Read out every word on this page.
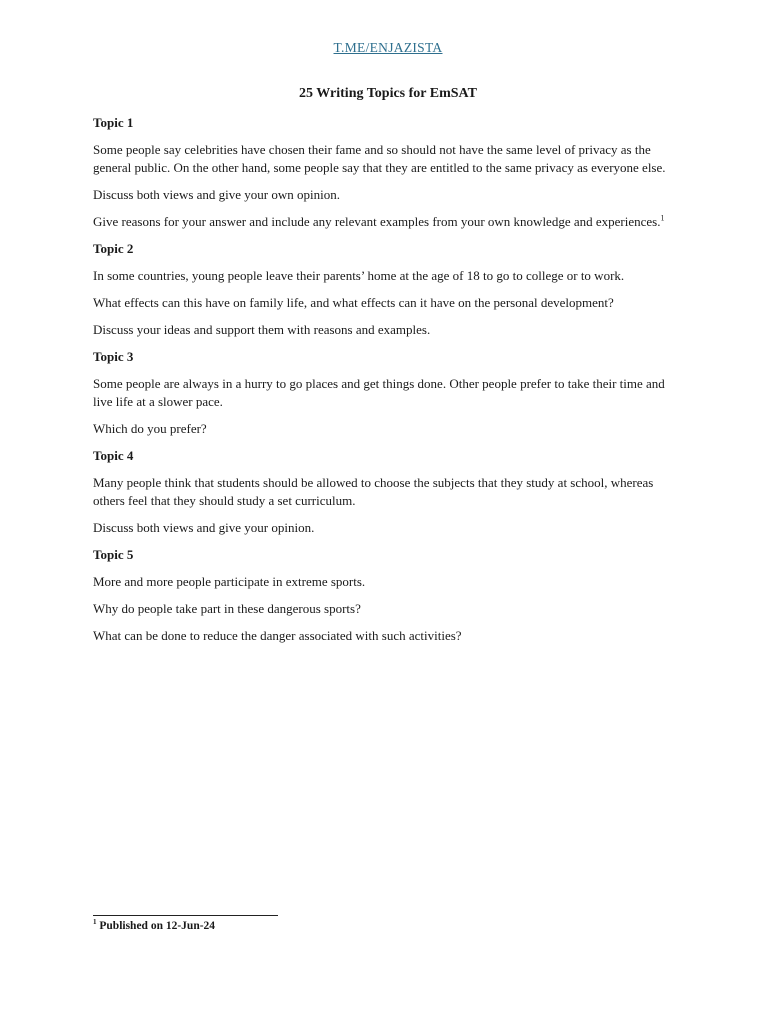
T.ME/ENJAZISTA
25 Writing Topics for EmSAT

Topic 1

Some people say celebrities have chosen their fame and so should not have the same level of privacy as the general public. On the other hand, some people say that they are entitled to the same privacy as everyone else.

Discuss both views and give your own opinion.

Give reasons for your answer and include any relevant examples from your own knowledge and experiences.$^1$

Topic 2

In some countries, young people leave their parents’ home at the age of 18 to go to college or to work.

What effects can this have on family life, and what effects can it have on the personal development?

Discuss your ideas and support them with reasons and examples.

Topic 3

Some people are always in a hurry to go places and get things done. Other people prefer to take their time and live life at a slower pace.

Which do you prefer?

Topic 4

Many people think that students should be allowed to choose the subjects that they study at school, whereas others feel that they should study a set curriculum.

Discuss both views and give your opinion.

Topic 5

More and more people participate in extreme sports.

Why do people take part in these dangerous sports?

What can be done to reduce the danger associated with such activities?

$^1$ Published on 12-Jun-24
